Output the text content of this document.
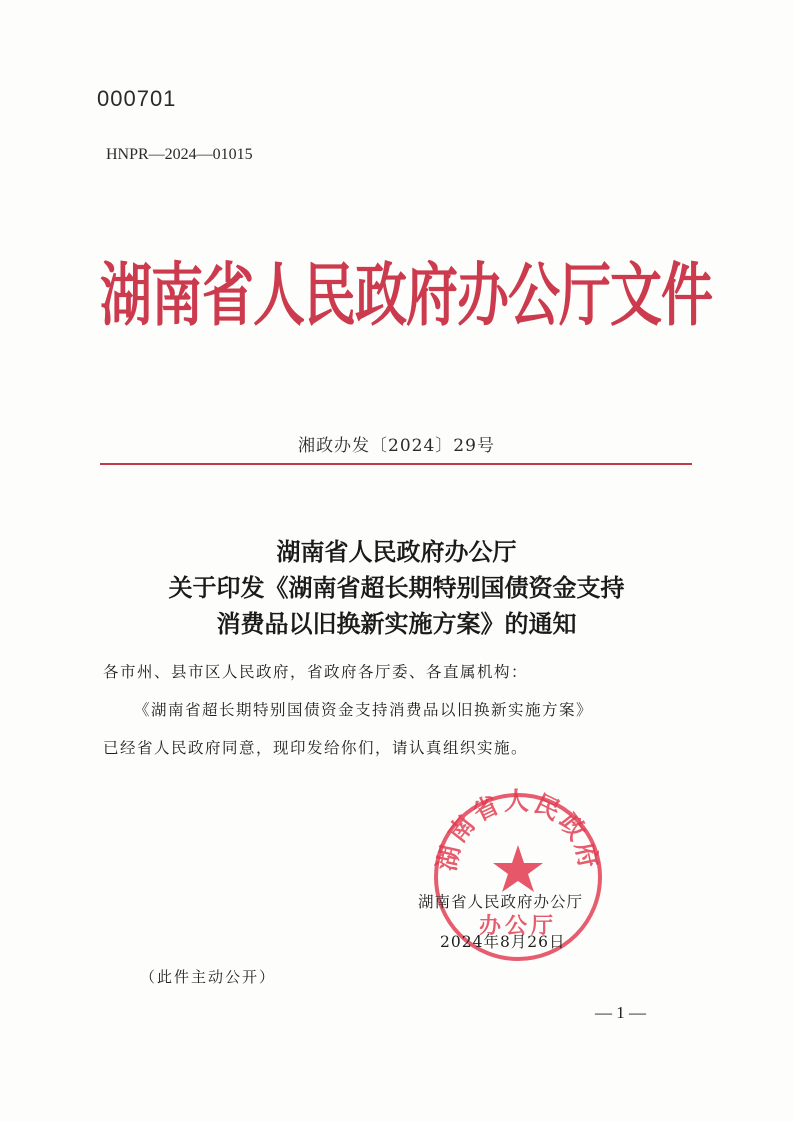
000701
HNPR—2024—01015
湖南省人民政府办公厅文件
湘政办发〔2024〕29号
湖南省人民政府办公厅
关于印发《湖南省超长期特别国债资金支持
消费品以旧换新实施方案》的通知

各市州、县市区人民政府，省政府各厅委、各直属机构：

《湖南省超长期特别国债资金支持消费品以旧换新实施方案》

已经省人民政府同意，现印发给你们，请认真组织实施。

湖南省人民政府
办公厅
湖南省人民政府办公厅
2024年8月26日
（此件主动公开）
— 1 —
